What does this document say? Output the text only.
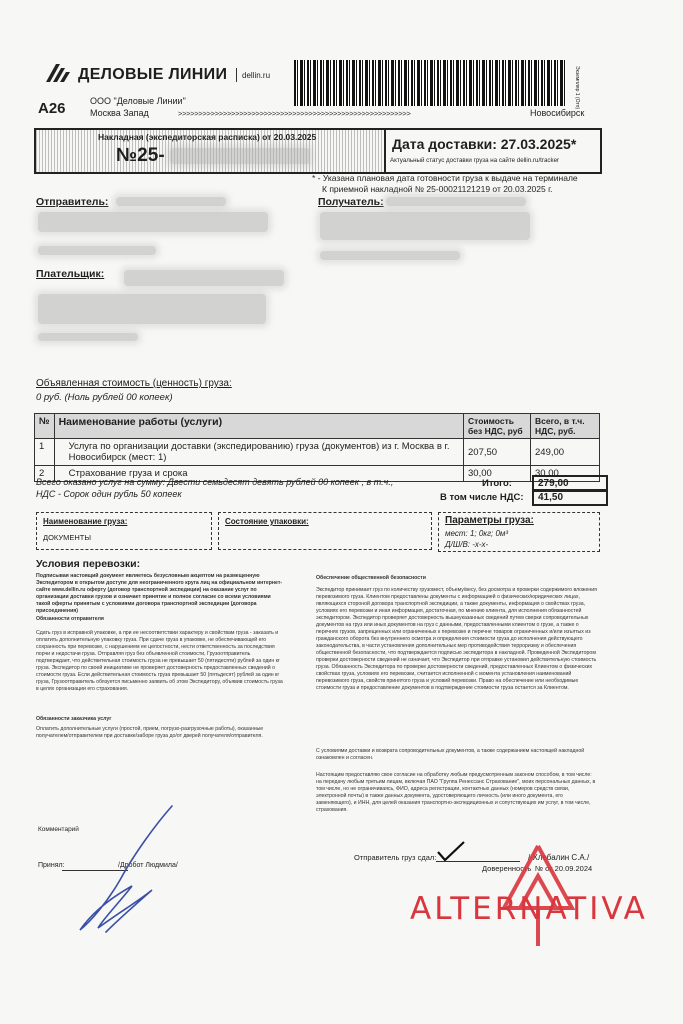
ДЕЛОВЫЕ ЛИНИИ dellin.ru	Экземпляр 1 (Отп)
A26	ООО "Деловые Линии"
Москва Запад	>>>>>>>>>>>>>>>>>>>>>>>>>>>>>>>>>>>>>>>>>>>>>>>>>>>>>>>>>	Новосибирск
Накладная (экспедиторская расписка) от 20.03.2025
№25-
Дата доставки: 27.03.2025*
Актуальный статус доставки груза на сайте dellin.ru/tracker
* - Указана плановая дата готовности груза к выдаче на терминале
К приемной накладной № 25-00021121219 от 20.03.2025 г.
Отправитель:	Получатель:
Плательщик:
Объявленная стоимость (ценность) груза:
0 руб. (Ноль рублей 00 копеек)
№	Наименование работы (услуги)	Стоимость без НДС, руб	Всего, в т.ч. НДС, руб.
1	Услуга по организации доставки (экспедированию) груза (документов) из г. Москва в г. Новосибирск (мест: 1)	207,50	249,00
2	Страхование груза и срока	30,00	30,00
Всего оказано услуг на сумму: Двести семьдесят девять рублей 00 копеек , в т.ч.,
НДС - Сорок один рубль 50 копеек
Итого:	279,00
В том числе НДС:	41,50
Наименование груза:
ДОКУМЕНТЫ
Состояние упаковки:	Параметры груза:
мест: 1; 0кг; 0м³
Д/Ш/В: -x-x-
Условия перевозки:
Подписывая настоящий документ являетесь безусловным акцептом на размещенную Экспедитором в открытом доступе для неограниченного круга лиц на официальном интернет-сайте www.dellin.ru оферту (договор транспортной экспедиции) на оказание услуг по организации доставки грузов и означает принятие и полное согласие со всеми условиями такой оферты принятым с условиями договора транспортной экспедиции (договора присоединения)
Обязанности отправителя
Сдать груз в исправной упаковке, а при ее несоответствии характеру и свойствам груза - заказать и оплатить дополнительную упаковку груза. При сдаче груза в упаковке, не обеспечивающей его сохранность при перевозке, с нарушением ее целостности, нести ответственность за последствия порчи и недостачи груза. Отправляя груз без объявленной стоимости, Грузоотправитель подтверждает, что действительная стоимость груза не превышает 50 (пятидесяти) рублей за один кг груза. Экспедитор по своей инициативе не проверяет достоверность предоставленных сведений о стоимости груза. Если действительная стоимость груза превышает 50 (пятьдесят) рублей за один кг груза, Грузоотправитель обязуется письменно заявить об этом Экспедитору, объявив стоимость груза в целях организации его страхования.
Обязанности заказчика услуг
Оплатить дополнительные услуги (простой, прием, погрузо-разгрузочные работы), оказанные получателем/отправителем при доставке/заборе груза до/от дверей получателя/отправителя.
Обеспечение общественной безопасности
Экспедитор принимает груз по количеству грузомест, объему/весу, без досмотра и проверки содержимого вложения перевозимого груза. Клиентом предоставлены документы с информацией о физических/юридических лицах, являющихся стороной договора транспортной экспедиции, а также документы, информация о свойствах груза, условиях его перевозки и иная информация, достаточная, по мнению клиента, для исполнения обязанностей экспедитором. Экспедитор проверяет достоверность вышеуказанных сведений путем сверки сопроводительных документов на груз или иных документов на груз с данными, предоставленными клиентом о грузе, а также о перечнях грузов, запрещенных или ограниченных к перевозке и перечне товаров ограниченных и/или изъятых из гражданского оборота без внутреннего осмотра и определения стоимости груза до исполнения действующего законодательства, в части установления дополнительных мер противодействия терроризму и обеспечения общественной безопасности, что подтверждается подписью экспедитора в накладной. Проведенной Экспедитором проверки достоверности сведений не означает, что Экспедитор при отправке установил действительную стоимость груза. Обязанность Экспедитора по проверке достоверности сведений, предоставленных Клиентом о физических свойствах груза, условиях его перевозки, считается исполненной с момента установления наименований перевозимого груза, свойств принятого груза и условий перевозки. Право на обеспечение или необходимые стоимости груза и предоставление документов в подтверждение стоимости груза остается за Клиентом.
С условиями доставки и возврата сопроводительных документов, а также содержанием настоящей накладной ознакомлен и согласен.
Настоящим предоставляю свое согласие на обработку любым предусмотренным законом способом, в том числе: на передачу любым третьим лицам, включая ПАО "Группа Ренессанс Страхование", моих персональных данных, в том числе, но не ограничиваясь, ФИО, адреса регистрации, контактных данных (номеров средств связи, электронной почты) в также данных документа, удостоверяющего личность (или иного документа, его заменяющего), и ИНН, для целей оказания транспортно-экспедиционных и сопутствующих им услуг, в том числе, страхования.
Комментарий
Принял:	/Дробот Людмила/
Отправитель груз сдал:	/ Хлебалин С.А./
Доверенность № от 20.09.2024
ALTERNATIVA
